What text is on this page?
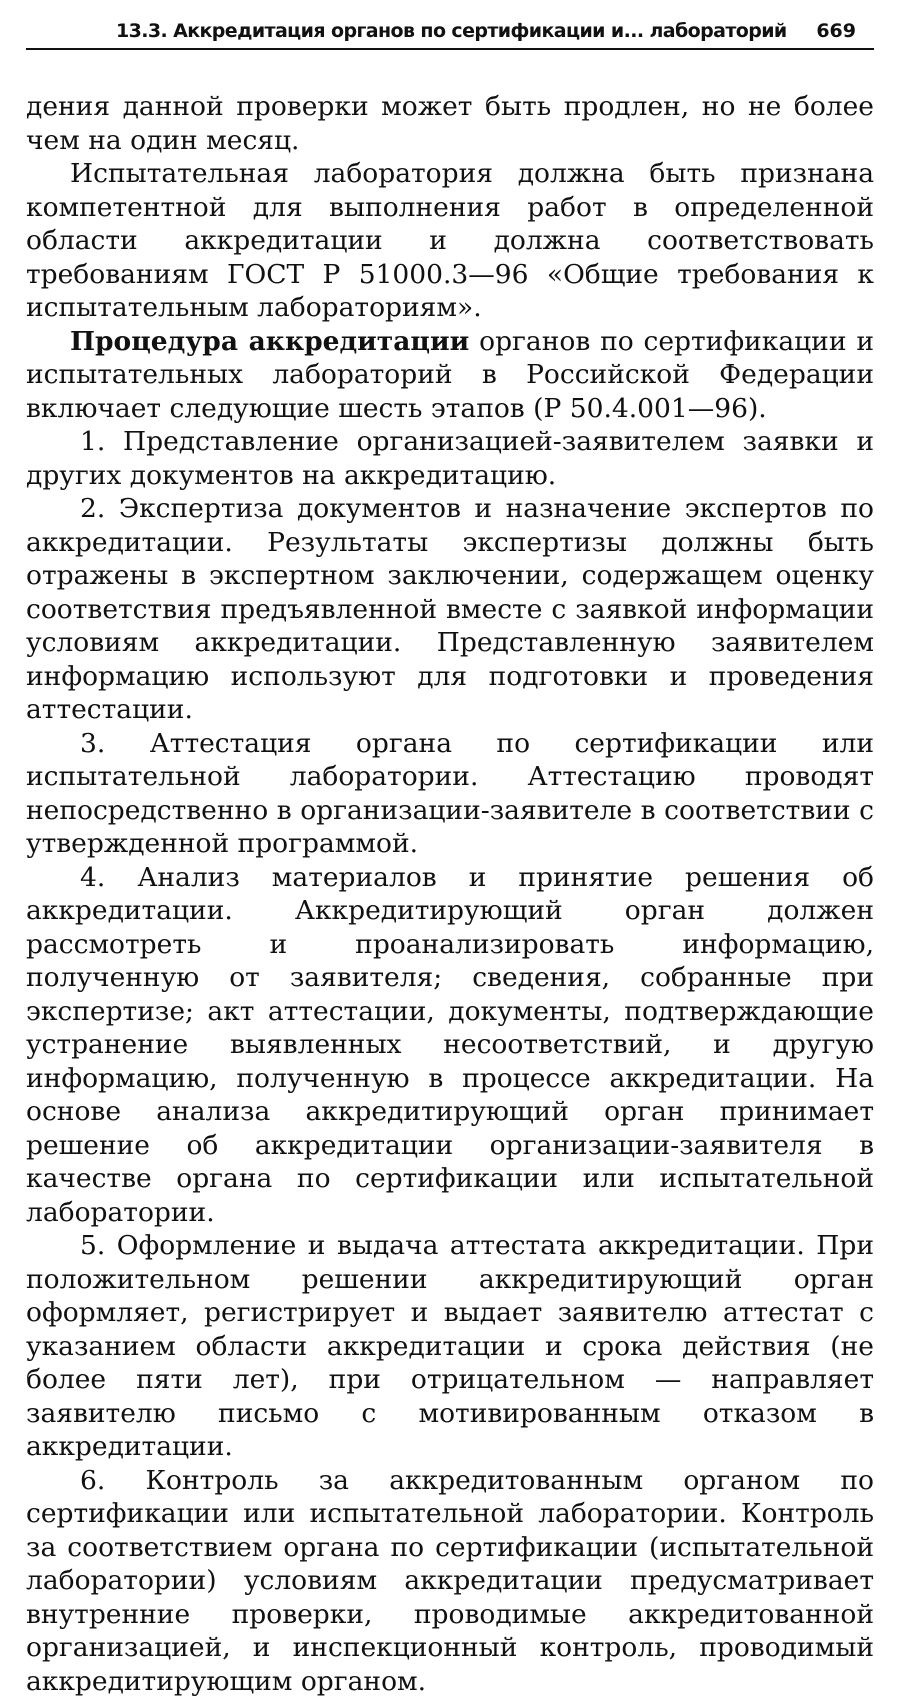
13.3. Аккредитация органов по сертификации и... лабораторий 669

дения данной проверки может быть продлен, но не более чем на один месяц.

Испытательная лаборатория должна быть признана компетентной для выполнения работ в определенной области аккредитации и должна соответствовать требованиям ГОСТ Р 51000.3—96 «Общие требования к испытательным лабораториям».

Процедура аккредитации органов по сертификации и испытательных лабораторий в Российской Федерации включает следующие шесть этапов (Р 50.4.001—96).

1. Представление организацией-заявителем заявки и других документов на аккредитацию.

2. Экспертиза документов и назначение экспертов по аккредитации. Результаты экспертизы должны быть отражены в экспертном заключении, содержащем оценку соответствия предъявленной вместе с заявкой информации условиям аккредитации. Представленную заявителем информацию используют для подготовки и проведения аттестации.

3. Аттестация органа по сертификации или испытательной лаборатории. Аттестацию проводят непосредственно в организации-заявителе в соответствии с утвержденной программой.

4. Анализ материалов и принятие решения об аккредитации. Аккредитирующий орган должен рассмотреть и проанализировать информацию, полученную от заявителя; сведения, собранные при экспертизе; акт аттестации, документы, подтверждающие устранение выявленных несоответствий, и другую информацию, полученную в процессе аккредитации. На основе анализа аккредитирующий орган принимает решение об аккредитации организации-заявителя в качестве органа по сертификации или испытательной лаборатории.

5. Оформление и выдача аттестата аккредитации. При положительном решении аккредитирующий орган оформляет, регистрирует и выдает заявителю аттестат с указанием области аккредитации и срока действия (не более пяти лет), при отрицательном — направляет заявителю письмо с мотивированным отказом в аккредитации.

6. Контроль за аккредитованным органом по сертификации или испытательной лаборатории. Контроль за соответствием органа по сертификации (испытательной лаборатории) условиям аккредитации предусматривает внутренние проверки, проводимые аккредитованной организацией, и инспекционный контроль, проводимый аккредитирующим органом.
